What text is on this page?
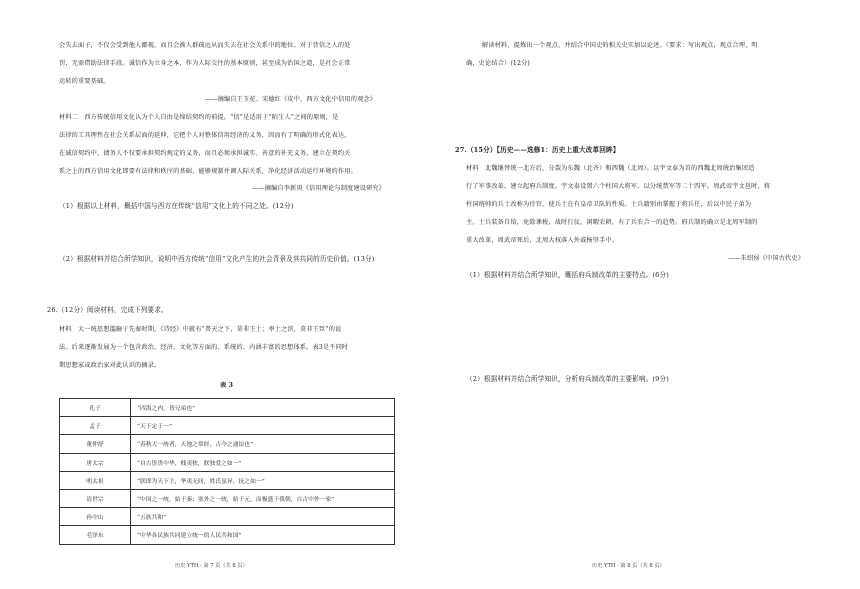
会失去面子，不仅会受到他人鄙视，而且会被人群疏远从而失去在社会关系中的地位。对于背信之人的处
罚，无需借助法律手段。诚信作为立身之本，作为人际交往的基本原则，甚至成为治国之道，是社会正常
运转的重要基础。
——摘编自王玉花、宋德红《皮中、西方文化中信用的观念》
材料二　西方传统信用文化认为个人自由是缔结契约的前提。“信”是适用于“陌生人”之间的原则，是
法律的工具理性在社会关系层面的延伸，它把个人对整体信用经济的义务，因而有了明确的形式化表达，
在诚信契约中，债务人不仅要承担契约规定的义务，而且必须承担诚实、善意的补充义务。建立在契约关
系之上的西方信用文化即要有法律和秩序的基础，能够规制并调人际关系，净化经济活动运行环境的作用。
——摘编自李新庚《信用理论与制度建设研究》
（1）根据以上材料，概括中国与西方在传统“信用”文化上的不同之处。(12分)
（2）根据材料并结合所学知识，说明中西方传统“信用”文化产生的社会背景及其共同的历史价值。(13分)
26.（12分）阅读材料，完成下列要求。
材料　大一统思想滥觞于先秦时期，《诗经》中就有“普天之下，莫非王土；率土之滨，莫非王臣”的说
法。后来逐渐发展为一个包含政治、经济、文化等方面的、系统的、内涵丰富的思想体系。表3是不同时
期思想家或政治家对此认识的摘录。
表 3
孔子	“四海之内，皆兄弟也”
孟子	“天下定于一”
董仲舒	“春秋大一统者，天地之常经，古今之通谊也”
唐太宗	“自古皆贵中华，贱夷狄，朕独爱之如一”
明太祖	“朕即为天下主，华夷无间，姓氏虽异，抚之如一”
清世宗	“中国之一统，始于秦；塞外之一统，始于元，而极盛于我朝，自古中外一家”
孙中山	“五族共和”
毛泽东	“中华各民族共同建立统一的人民共和国”
历史 YTH · 第 7 页（共 8 页）
解读材料，提炼出一个观点，并结合中国史的相关史实加以论述。（要求：写出观点，观点合理、明
确，史论结合）(12分)
27.（15分）【历史——选修1：历史上重大改革回眸】
材料　北魏继替统一北方后，分裂为东魏（北齐）和西魏（北周）。以宇文泰为首的西魏北周统治集团适
行了军事改革，建立起府兵制度。宇文泰设置六个柱国大将军，以分统禁军等二十四军。周武帝宇文邕时，将
柱国统帅的兵士改称为侍官，使兵士在有皇帝卫队的性质。士兵籍别由掌握于将兵任，后以中民子弟为
主。士兵装备自给，免除课税，战时打仗，闲暇农耕，有了兵农合一的趋势。府兵制的确立是北周军制的
重大改革，周武帝死后，北周大权落入外戚杨坚手中。
——朱绍侯《中国古代史》
（1）根据材料并结合所学知识，概括府兵制改革的主要特点。(6分)
（2）根据材料并结合所学知识，分析府兵制改革的主要影响。(9分)
历史 YTH · 第 8 页（共 8 页）
